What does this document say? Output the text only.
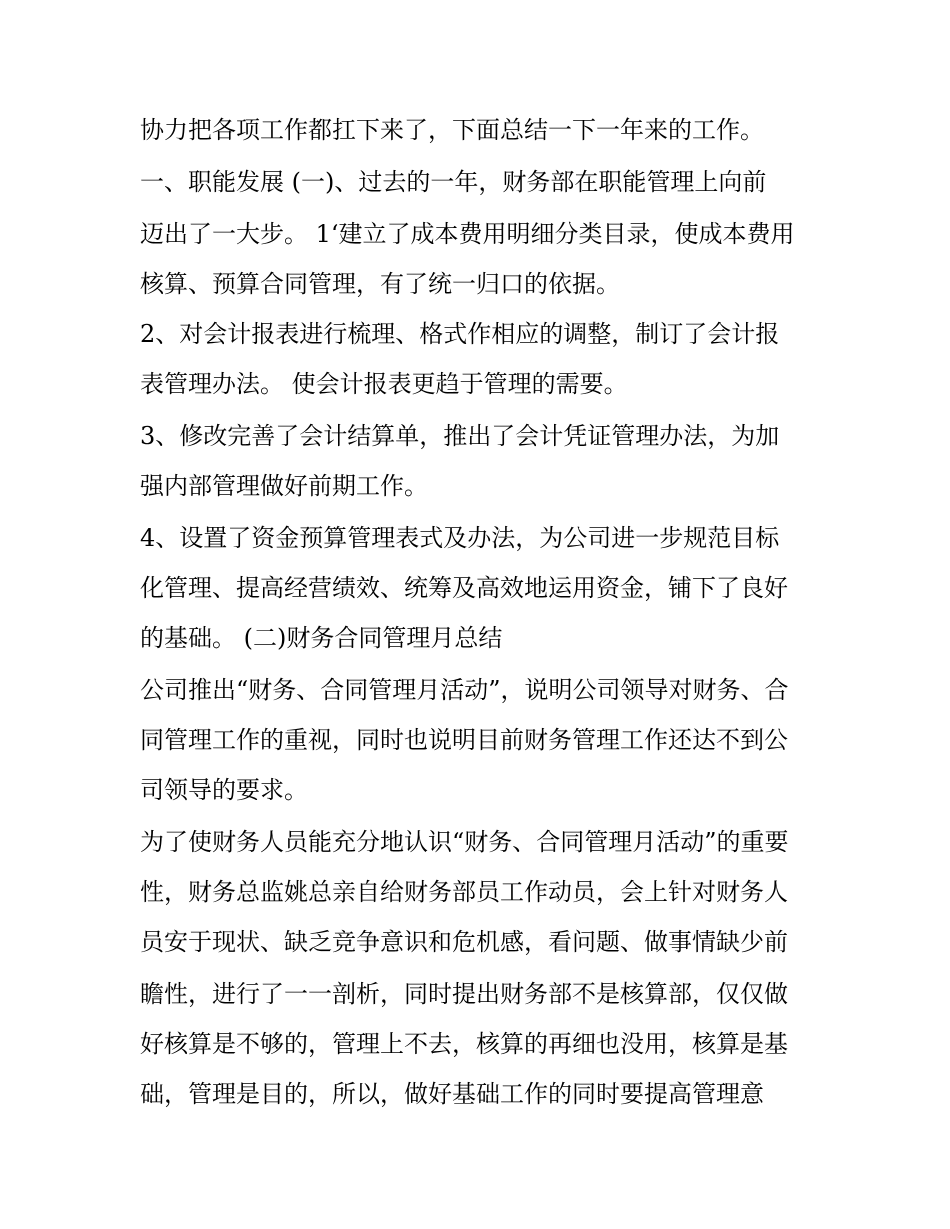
协力把各项工作都扛下来了，下面总结一下一年来的工作。
一、职能发展 (一)、过去的一年，财务部在职能管理上向前
迈出了一大步。 1‘建立了成本费用明细分类目录，使成本费用
核算、预算合同管理，有了统一归口的依据。
2、对会计报表进行梳理、格式作相应的调整，制订了会计报
表管理办法。 使会计报表更趋于管理的需要。
3、修改完善了会计结算单，推出了会计凭证管理办法，为加
强内部管理做好前期工作。
4、设置了资金预算管理表式及办法，为公司进一步规范目标
化管理、提高经营绩效、统筹及高效地运用资金，铺下了良好
的基础。 (二)财务合同管理月总结
公司推出“财务、合同管理月活动”，说明公司领导对财务、合
同管理工作的重视，同时也说明目前财务管理工作还达不到公
司领导的要求。
为了使财务人员能充分地认识“财务、合同管理月活动”的重要
性，财务总监姚总亲自给财务部员工作动员，会上针对财务人
员安于现状、缺乏竞争意识和危机感，看问题、做事情缺少前
瞻性，进行了一一剖析，同时提出财务部不是核算部，仅仅做
好核算是不够的，管理上不去，核算的再细也没用，核算是基
础，管理是目的，所以，做好基础工作的同时要提高管理意
